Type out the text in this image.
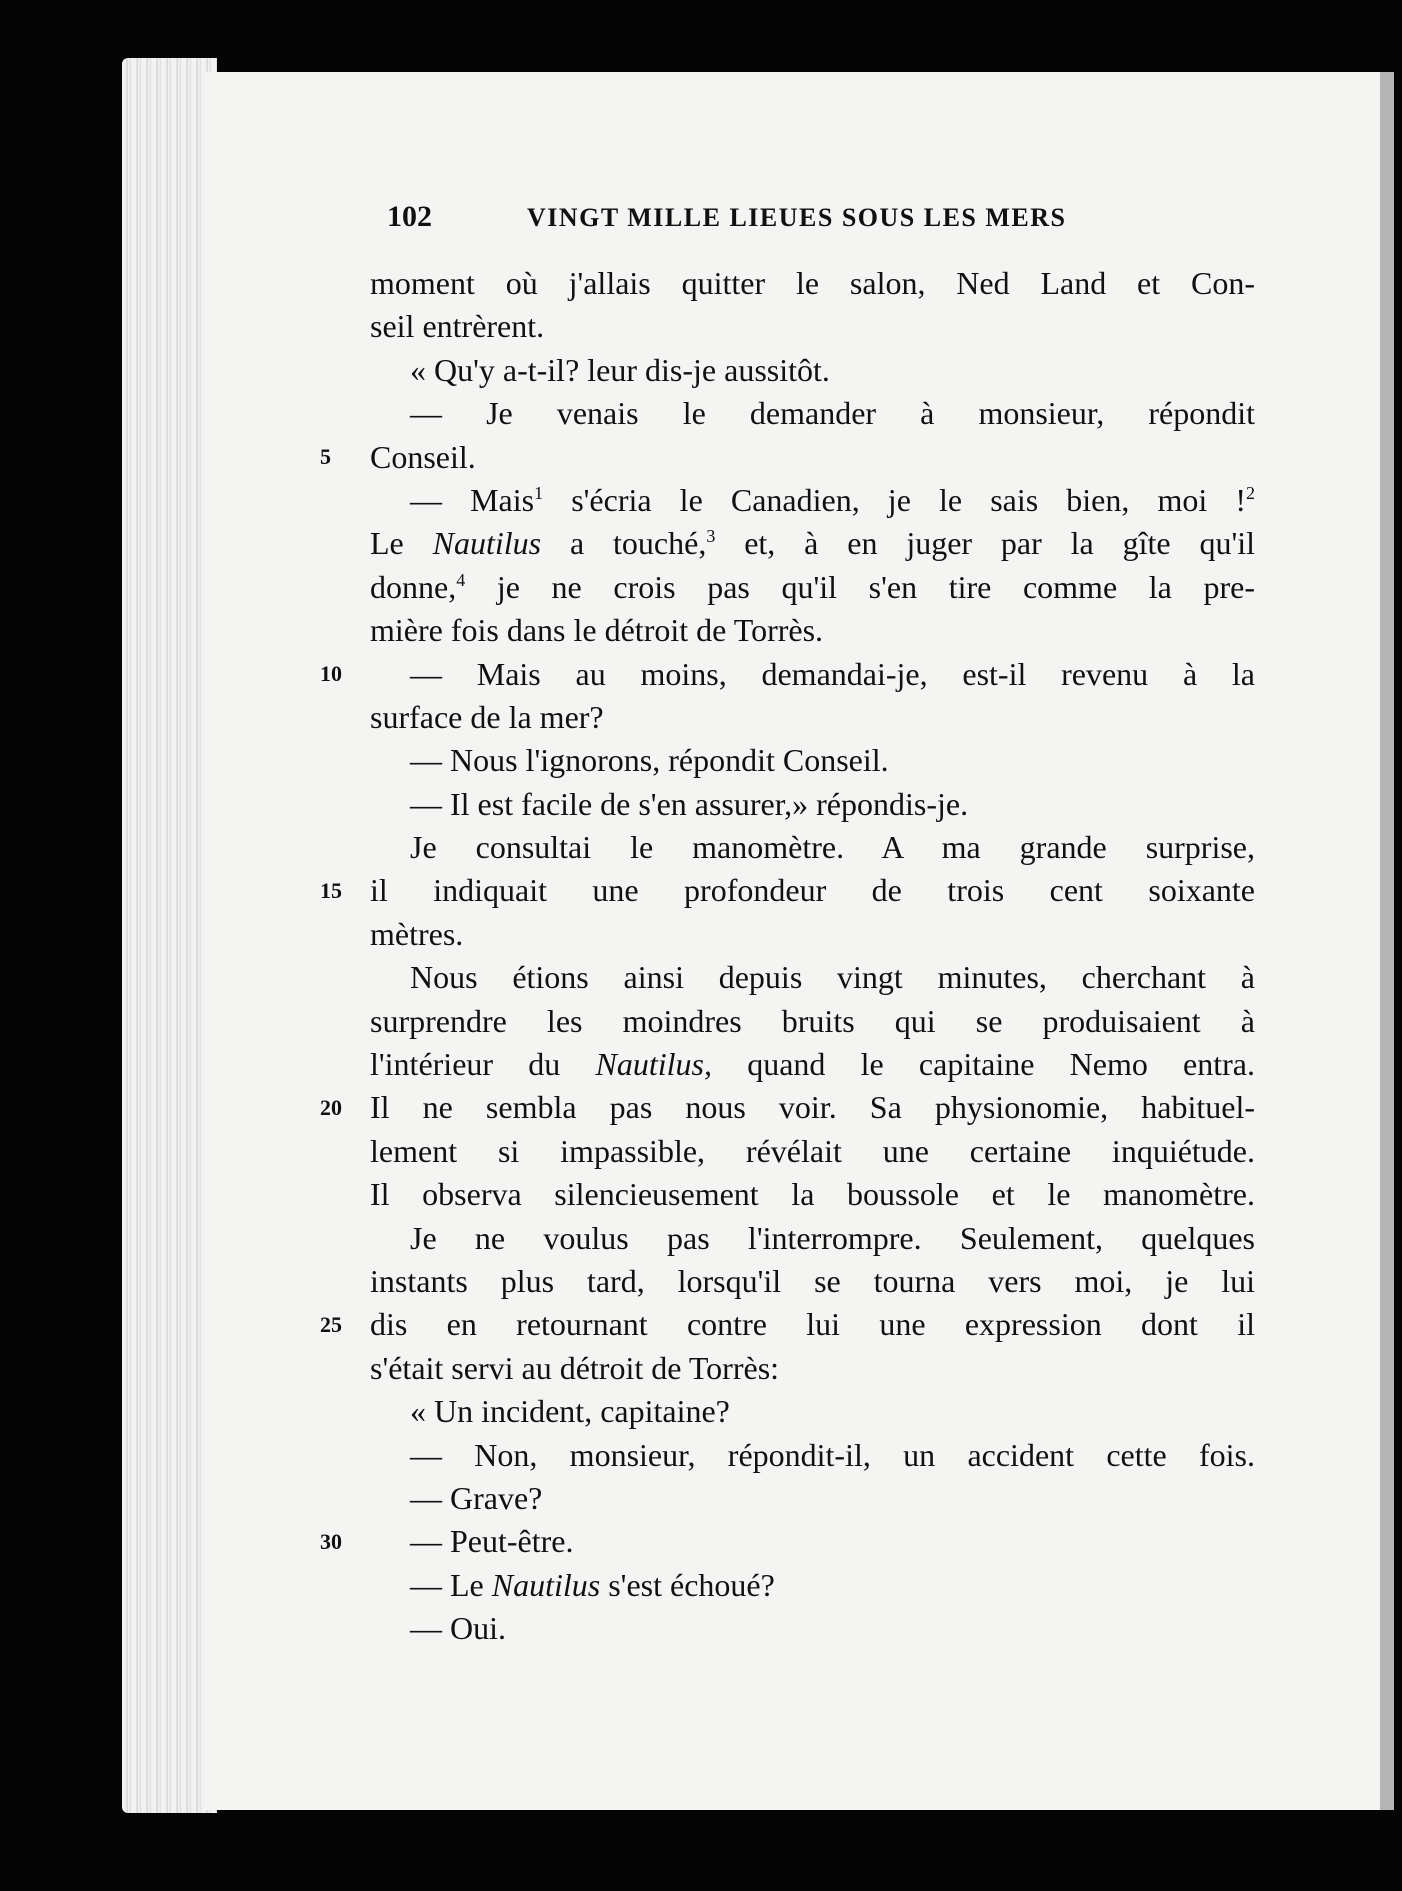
102	VINGT MILLE LIEUES SOUS LES MERS
5
10
15
20
25
30
moment où j'allais quitter le salon, Ned Land et Con-
seil entrèrent.
« Qu'y a-t-il? leur dis-je aussitôt.
— Je venais le demander à monsieur, répondit
Conseil.
— Mais$^1$ s'écria le Canadien, je le sais bien, moi !$^2$
Le Nautilus a touché,$^3$ et, à en juger par la gîte qu'il
donne,$^4$ je ne crois pas qu'il s'en tire comme la pre-
mière fois dans le détroit de Torrès.
— Mais au moins, demandai-je, est-il revenu à la
surface de la mer?
— Nous l'ignorons, répondit Conseil.
— Il est facile de s'en assurer,» répondis-je.
Je consultai le manomètre. A ma grande surprise,
il indiquait une profondeur de trois cent soixante
mètres.
Nous étions ainsi depuis vingt minutes, cherchant à
surprendre les moindres bruits qui se produisaient à
l'intérieur du Nautilus, quand le capitaine Nemo entra.
Il ne sembla pas nous voir. Sa physionomie, habituel-
lement si impassible, révélait une certaine inquiétude.
Il observa silencieusement la boussole et le manomètre.
Je ne voulus pas l'interrompre. Seulement, quelques
instants plus tard, lorsqu'il se tourna vers moi, je lui
dis en retournant contre lui une expression dont il
s'était servi au détroit de Torrès:
« Un incident, capitaine?
— Non, monsieur, répondit-il, un accident cette fois.
— Grave?
— Peut-être.
— Le Nautilus s'est échoué?
— Oui.
